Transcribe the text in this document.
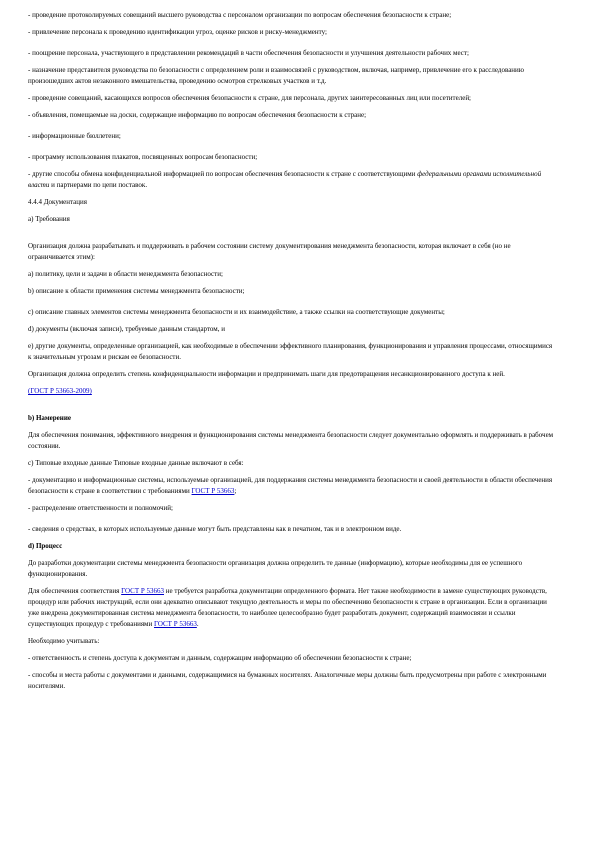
- проведение протоколируемых совещаний высшего руководства с персоналом организации по вопросам обеспечения безопасности к стране;

- привлечение персонала к проведению идентификации угроз, оценке рисков и риску-менеджменту;

- поощрение персонала, участвующего в представлении рекомендаций в части обеспечения безопасности и улучшения деятельности рабочих мест;

- назначение представителя руководства по безопасности с определением роли и взаимосвязей с руководством, включая, например, привлечение его к расследованию произошедших актов незаконного вмешательства, проведению осмотров стрелковых участков и т.д.

- проведение совещаний, касающихся вопросов обеспечения безопасности к стране, для персонала, других заинтересованных лиц или посетителей;

- объявления, помещаемые на доски, содержащие информацию по вопросам обеспечения безопасности к стране;

- информационные бюллетени;

- программу использования плакатов, посвященных вопросам безопасности;

- другие способы обмена конфиденциальной информацией по вопросам обеспечения безопасности к стране с соответствующими федеральными органами исполнительной власти и партнерами по цепи поставок.

4.4.4 Документация

а) Требования

Организация должна разрабатывать и поддерживать в рабочем состоянии систему документирования менеджмента безопасности, которая включает в себя (но не ограничивается этим):

a) политику, цели и задачи в области менеджмента безопасности;

b) описание к области применения системы менеджмента безопасности;

c) описание главных элементов системы менеджмента безопасности и их взаимодействие, а также ссылки на соответствующие документы;

d) документы (включая записи), требуемые данным стандартом, и

e) другие документы, определенные организацией, как необходимые в обеспечении эффективного планирования, функционирования и управления процессами, относящимися к значительным угрозам и рискам ее безопасности.

Организация должна определить степень конфиденциальности информации и предпринимать шаги для предотвращения несанкционированного доступа к ней.

(ГОСТ Р 53663-2009)

b) Намерение

Для обеспечения понимания, эффективного внедрения и функционирования системы менеджмента безопасности следует документально оформлять и поддерживать в рабочем состоянии.

c) Типовые входные данные Типовые входные данные включают в себя:

- документацию и информационные системы, используемые организацией, для поддержания системы менеджмента безопасности и своей деятельности в области обеспечения безопасности к стране в соответствии с требованиями ГОСТ Р 53663;

- распределение ответственности и полномочий;

- сведения о средствах, в которых используемые данные могут быть представлены как в печатном, так и в электронном виде.

d) Процесс

До разработки документации системы менеджмента безопасности организация должна определить те данные (информацию), которые необходимы для ее успешного функционирования.

Для обеспечения соответствия ГОСТ Р 53663 не требуется разработка документации определенного формата. Нет также необходимости в замене существующих руководств, процедур или рабочих инструкций, если они адекватно описывают текущую деятельность и меры по обеспечению безопасности к стране в организации. Если в организации уже внедрена документированная система менеджмента безопасности, то наиболее целесообразно будет разработать документ, содержащий взаимосвязи и ссылки существующих процедур с требованиями ГОСТ Р 53663.

Необходимо учитывать:

- ответственность и степень доступа к документам и данным, содержащим информацию об обеспечении безопасности к стране;

- способы и места работы с документами и данными, содержащимися на бумажных носителях. Аналогичные меры должны быть предусмотрены при работе с электронными носителями.
